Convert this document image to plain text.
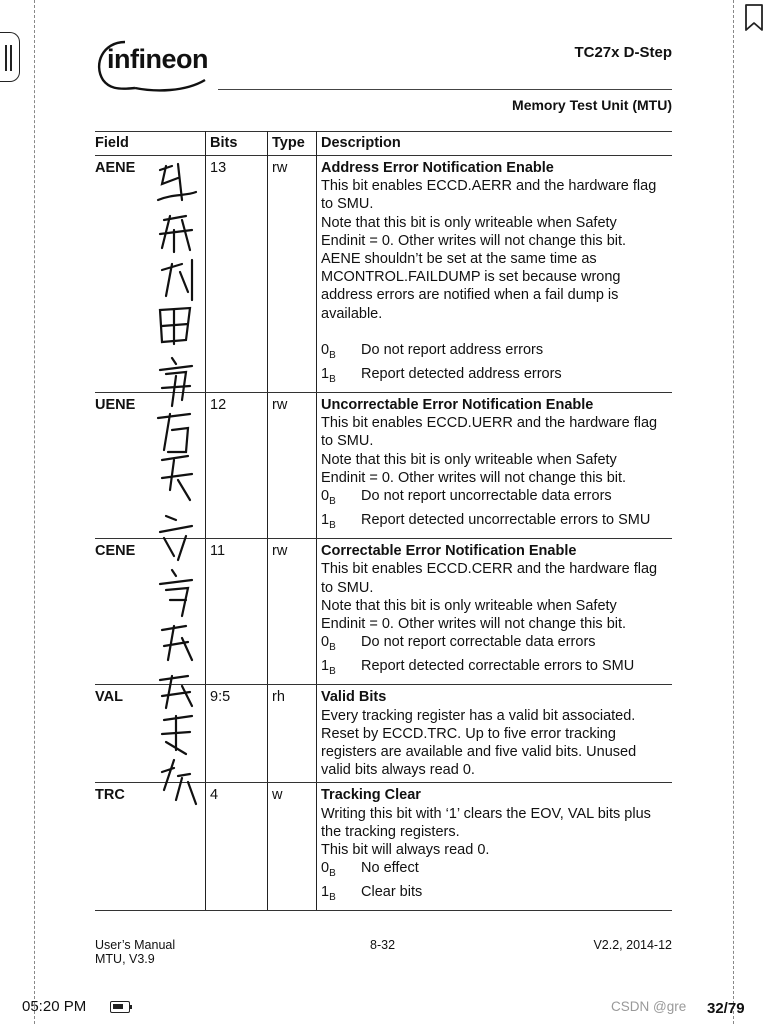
infineon	TC27x D-Step
Memory Test Unit (MTU)
Field	Bits	Type	Description
AENE	13	rw	Address Error Notification Enable
This bit enables ECCD.AERR and the hardware flag
to SMU.
Note that this bit is only writeable when Safety
Endinit = 0. Other writes will not change this bit.
AENE shouldn’t be set at the same time as
MCONTROL.FAILDUMP is set because wrong
address errors are notified when a fail dump is
available.
$0_B$	Do not report address errors
$1_B$	Report detected address errors
UENE	12	rw	Uncorrectable Error Notification Enable
This bit enables ECCD.UERR and the hardware flag
to SMU.
Note that this bit is only writeable when Safety
Endinit = 0. Other writes will not change this bit.
$0_B$	Do not report uncorrectable data errors
$1_B$	Report detected uncorrectable errors to SMU
CENE	11	rw	Correctable Error Notification Enable
This bit enables ECCD.CERR and the hardware flag
to SMU.
Note that this bit is only writeable when Safety
Endinit = 0. Other writes will not change this bit.
$0_B$	Do not report correctable data errors
$1_B$	Report detected correctable errors to SMU
VAL	9:5	rh	Valid Bits
Every tracking register has a valid bit associated.
Reset by ECCD.TRC. Up to five error tracking
registers are available and five valid bits. Unused
valid bits always read 0.
TRC	4	w	Tracking Clear
Writing this bit with ‘1’ clears the EOV, VAL bits plus
the tracking registers.
This bit will always read 0.
$0_B$	No effect
$1_B$	Clear bits
User’s Manual
MTU, V3.9
8-32	V2.2, 2014-12
05:20 PM	CSDN @gre 32/79
